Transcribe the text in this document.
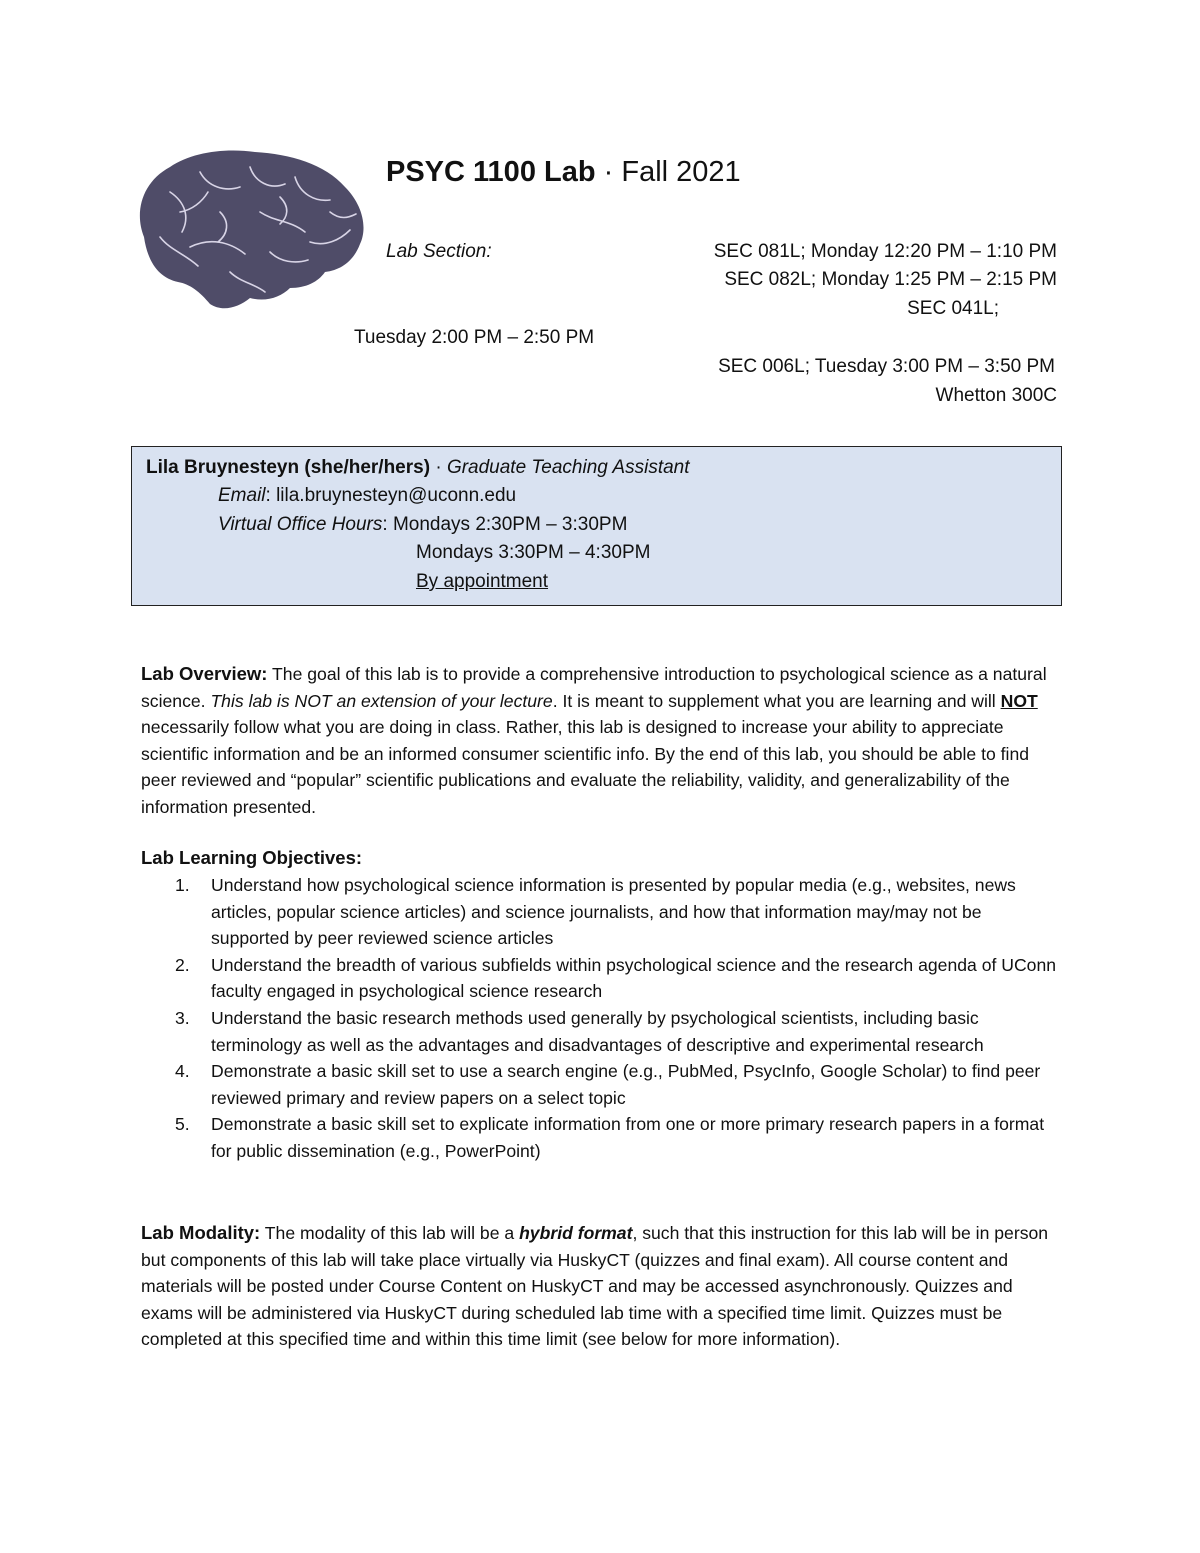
PSYC 1100 Lab · Fall 2021
Lab Section:	SEC 081L; Monday 12:20 PM – 1:10 PM
SEC 082L; Monday 1:25 PM – 2:15 PM
SEC 041L;
Tuesday 2:00 PM – 2:50 PM
SEC 006L; Tuesday 3:00 PM – 3:50 PM
Whetton 300C
Lila Bruynesteyn (she/her/hers) · Graduate Teaching Assistant
Email: lila.bruynesteyn@uconn.edu
Virtual Office Hours: Mondays 2:30PM – 3:30PM
Mondays 3:30PM – 4:30PM
By appointment

Lab Overview: The goal of this lab is to provide a comprehensive introduction to psychological science as a natural science. This lab is NOT an extension of your lecture. It is meant to supplement what you are learning and will NOT necessarily follow what you are doing in class. Rather, this lab is designed to increase your ability to appreciate scientific information and be an informed consumer scientific info. By the end of this lab, you should be able to find peer reviewed and “popular” scientific publications and evaluate the reliability, validity, and generalizability of the information presented.

Lab Learning Objectives:

1. Understand how psychological science information is presented by popular media (e.g., websites, news articles, popular science articles) and science journalists, and how that information may/may not be supported by peer reviewed science articles
2. Understand the breadth of various subfields within psychological science and the research agenda of UConn faculty engaged in psychological science research
3. Understand the basic research methods used generally by psychological scientists, including basic terminology as well as the advantages and disadvantages of descriptive and experimental research
4. Demonstrate a basic skill set to use a search engine (e.g., PubMed, PsycInfo, Google Scholar) to find peer reviewed primary and review papers on a select topic
5. Demonstrate a basic skill set to explicate information from one or more primary research papers in a format for public dissemination (e.g., PowerPoint)

Lab Modality: The modality of this lab will be a hybrid format, such that this instruction for this lab will be in person but components of this lab will take place virtually via HuskyCT (quizzes and final exam). All course content and materials will be posted under Course Content on HuskyCT and may be accessed asynchronously. Quizzes and exams will be administered via HuskyCT during scheduled lab time with a specified time limit. Quizzes must be completed at this specified time and within this time limit (see below for more information).
